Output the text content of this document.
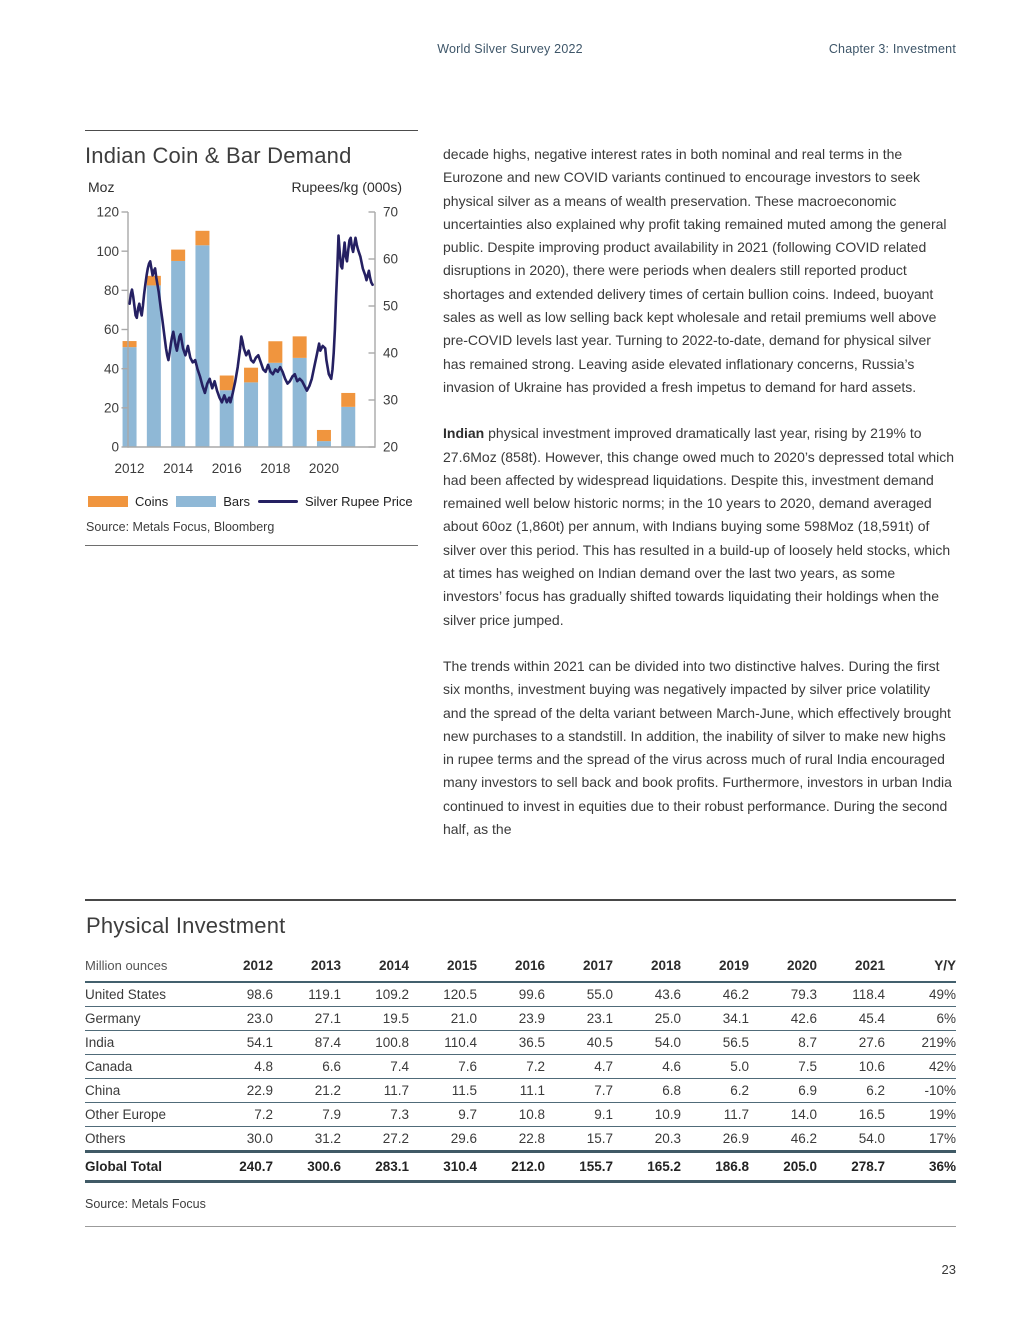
World Silver Survey 2022	Chapter 3: Investment
Indian Coin & Bar Demand
Moz	Rupees/kg (000s)
0
20
40
60
80
100
120
20
30
40
50
60
70
2012 2014 2016 2018 2020
Coins	Bars	Silver Rupee Price
Source: Metals Focus, Bloomberg

decade highs, negative interest rates in both nominal and real terms in the Eurozone and new COVID variants continued to encourage investors to seek physical silver as a means of wealth preservation. These macroeconomic uncertainties also explained why profit taking remained muted among the general public. Despite improving product availability in 2021 (following COVID related disruptions in 2020), there were periods when dealers still reported product shortages and extended delivery times of certain bullion coins. Indeed, buoyant sales as well as low selling back kept wholesale and retail premiums well above pre-COVID levels last year. Turning to 2022-to-date, demand for physical silver has remained strong. Leaving aside elevated inflationary concerns, Russia’s invasion of Ukraine has provided a fresh impetus to demand for hard assets.

Indian physical investment improved dramatically last year, rising by 219% to 27.6Moz (858t). However, this change owed much to 2020’s depressed total which had been affected by widespread liquidations. Despite this, investment demand remained well below historic norms; in the 10 years to 2020, demand averaged about 60oz (1,860t) per annum, with Indians buying some 598Moz (18,591t) of silver over this period. This has resulted in a build-up of loosely held stocks, which at times has weighed on Indian demand over the last two years, as some investors’ focus has gradually shifted towards liquidating their holdings when the silver price jumped.

The trends within 2021 can be divided into two distinctive halves. During the first six months, investment buying was negatively impacted by silver price volatility and the spread of the delta variant between March-June, which effectively brought new purchases to a standstill. In addition, the inability of silver to make new highs in rupee terms and the spread of the virus across much of rural India encouraged many investors to sell back and book profits. Furthermore, investors in urban India continued to invest in equities due to their robust performance. During the second half, as the

Physical Investment
Million ounces	2012	2013	2014	2015	2016	2017	2018	2019	2020	2021	Y/Y
United States	98.6	119.1	109.2	120.5	99.6	55.0	43.6	46.2	79.3	118.4	49%
Germany	23.0	27.1	19.5	21.0	23.9	23.1	25.0	34.1	42.6	45.4	6%
India	54.1	87.4	100.8	110.4	36.5	40.5	54.0	56.5	8.7	27.6	219%
Canada	4.8	6.6	7.4	7.6	7.2	4.7	4.6	5.0	7.5	10.6	42%
China	22.9	21.2	11.7	11.5	11.1	7.7	6.8	6.2	6.9	6.2	-10%
Other Europe	7.2	7.9	7.3	9.7	10.8	9.1	10.9	11.7	14.0	16.5	19%
Others	30.0	31.2	27.2	29.6	22.8	15.7	20.3	26.9	46.2	54.0	17%
Global Total	240.7	300.6	283.1	310.4	212.0	155.7	165.2	186.8	205.0	278.7	36%
Source: Metals Focus
23
